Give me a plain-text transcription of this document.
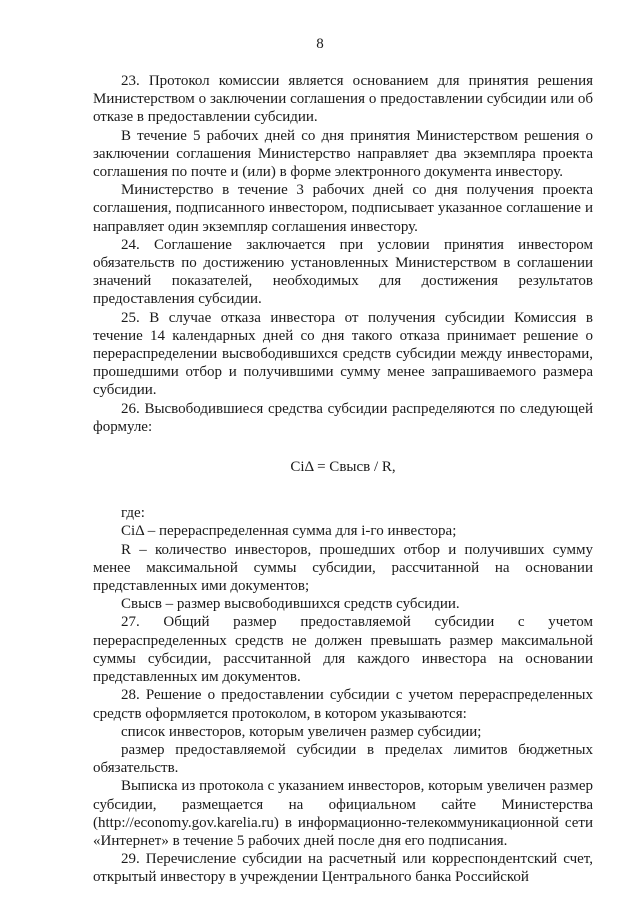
8

23. Протокол комиссии является основанием для принятия решения Министерством о заключении соглашения о предоставлении субсидии или об отказе в предоставлении субсидии.

В течение 5 рабочих дней со дня принятия Министерством решения о заключении соглашения Министерство направляет два экземпляра проекта соглашения по почте и (или) в форме электронного документа инвестору.

Министерство в течение 3 рабочих дней со дня получения проекта соглашения, подписанного инвестором, подписывает указанное соглашение и направляет один экземпляр соглашения инвестору.

24. Соглашение заключается при условии принятия инвестором обязательств по достижению установленных Министерством в соглашении значений показателей, необходимых для достижения результатов предоставления субсидии.

25. В случае отказа инвестора от получения субсидии Комиссия в течение 14 календарных дней со дня такого отказа принимает решение о перераспределении высвободившихся средств субсидии между инвесторами, прошедшими отбор и получившими сумму менее запрашиваемого размера субсидии.

26. Высвободившиеся средства субсидии распределяются по следующей формуле:

CiΔ = Свысв / R,

где:

CiΔ – перераспределенная сумма для i-го инвестора;

R – количество инвесторов, прошедших отбор и получивших сумму менее максимальной суммы субсидии, рассчитанной на основании представленных ими документов;

Свысв – размер высвободившихся средств субсидии.

27. Общий размер предоставляемой субсидии с учетом перераспределенных средств не должен превышать размер максимальной суммы субсидии, рассчитанной для каждого инвестора на основании представленных им документов.

28. Решение о предоставлении субсидии с учетом перераспределенных средств оформляется протоколом, в котором указываются:

список инвесторов, которым увеличен размер субсидии;

размер предоставляемой субсидии в пределах лимитов бюджетных обязательств.

Выписка из протокола с указанием инвесторов, которым увеличен размер субсидии, размещается на официальном сайте Министерства (http://economy.gov.karelia.ru) в информационно-телекоммуникационной сети «Интернет» в течение 5 рабочих дней после дня его подписания.

29. Перечисление субсидии на расчетный или корреспондентский счет, открытый инвестору в учреждении Центрального банка Российской
